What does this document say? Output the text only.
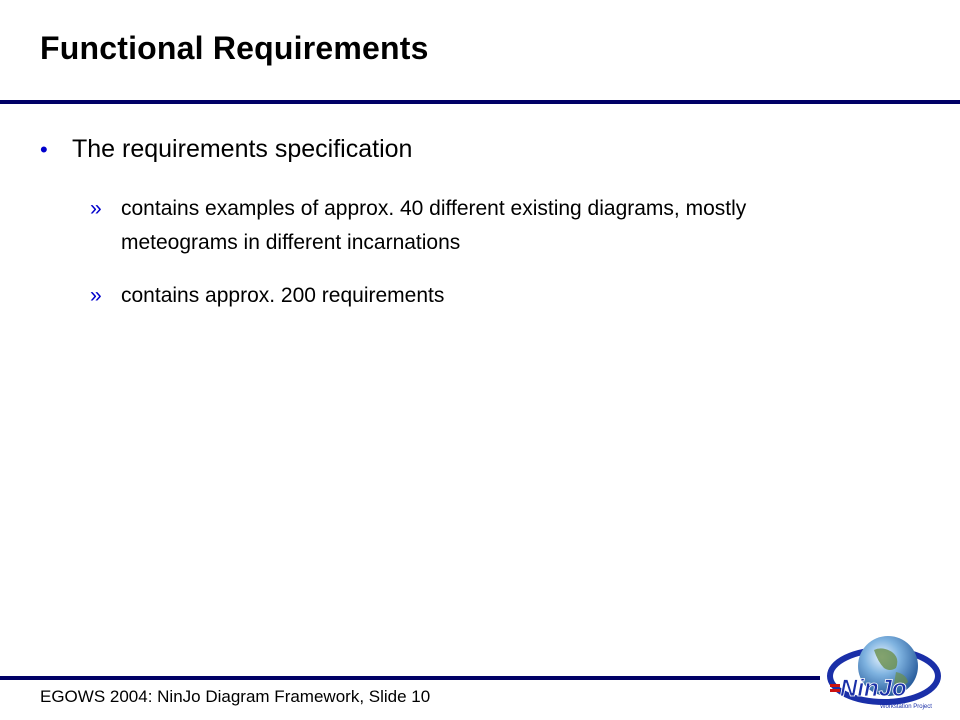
Functional Requirements
• The requirements specification
» contains examples of approx. 40 different existing diagrams, mostly meteograms in different incarnations
» contains approx. 200 requirements
EGOWS 2004: NinJo Diagram Framework, Slide 10	NinJo
Workstation Project
